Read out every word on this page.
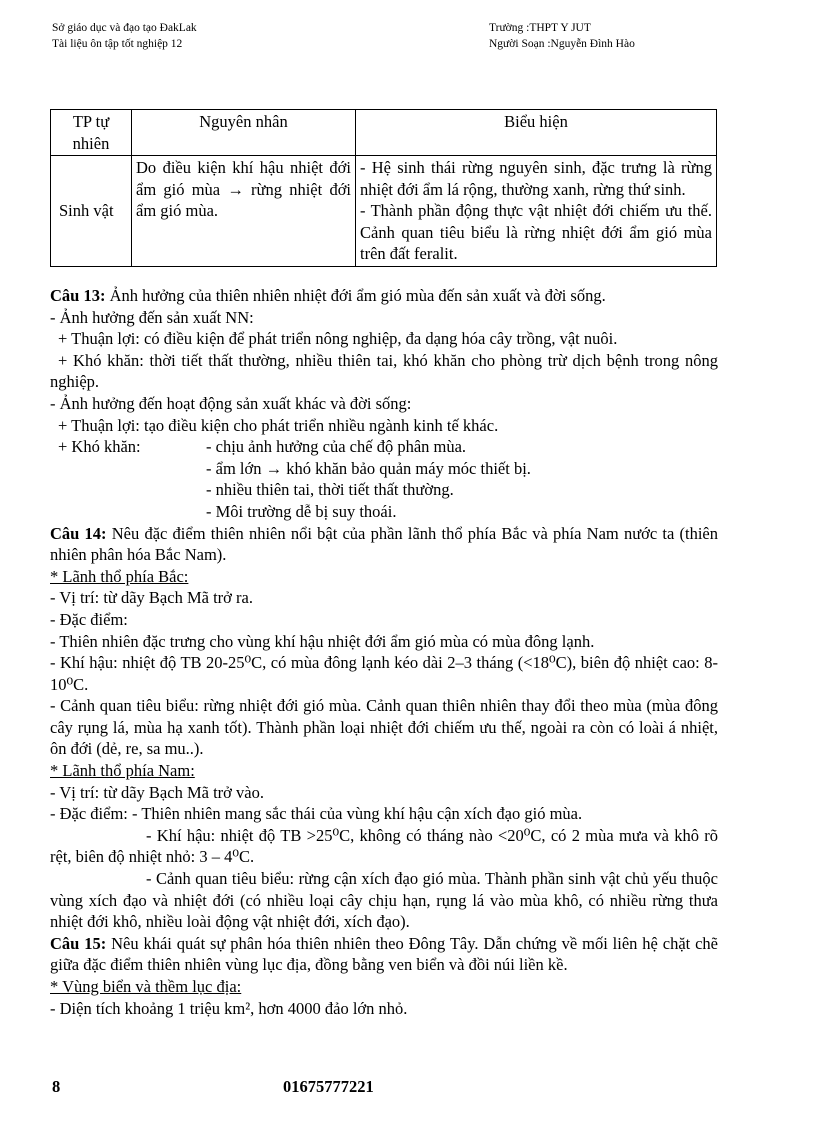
Sở giáo dục và đạo tạo ĐakLak
Tài liệu ôn tập tốt nghiệp 12
Trường :THPT Y JUT
Người Soạn :Nguyễn Đình Hào
TP tự nhiên	Nguyên nhân	Biểu hiện
Sinh vật	Do điều kiện khí hậu nhiệt đới ẩm gió mùa → rừng nhiệt đới ẩm gió mùa.	- Hệ sinh thái rừng nguyên sinh, đặc trưng là rừng nhiệt đới ẩm lá rộng, thường xanh, rừng thứ sinh.
- Thành phần động thực vật nhiệt đới chiếm ưu thế. Cảnh quan tiêu biểu là rừng nhiệt đới ẩm gió mùa trên đất feralit.

Câu 13: Ảnh hưởng của thiên nhiên nhiệt đới ẩm gió mùa đến sản xuất và đời sống.

- Ảnh hưởng đến sản xuất NN:

+ Thuận lợi: có điều kiện để phát triển nông nghiệp, đa dạng hóa cây trồng, vật nuôi.

+ Khó khăn: thời tiết thất thường, nhiều thiên tai, khó khăn cho phòng trừ dịch bệnh trong nông nghiệp.

- Ảnh hưởng đến hoạt động sản xuất khác và đời sống:

+ Thuận lợi: tạo điều kiện cho phát triển nhiều ngành kinh tế khác.

+ Khó khăn:	- chịu ảnh hưởng của chế độ phân mùa.
- ẩm lớn → khó khăn bảo quản máy móc thiết bị.
- nhiều thiên tai, thời tiết thất thường.
- Môi trường dễ bị suy thoái.

Câu 14: Nêu đặc điểm thiên nhiên nổi bật của phần lãnh thổ phía Bắc và phía Nam nước ta (thiên nhiên phân hóa Bắc Nam).

* Lãnh thổ phía Bắc:

- Vị trí: từ dãy Bạch Mã trở ra.

- Đặc điểm:

- Thiên nhiên đặc trưng cho vùng khí hậu nhiệt đới ẩm gió mùa có mùa đông lạnh.

- Khí hậu: nhiệt độ TB 20-25⁰C, có mùa đông lạnh kéo dài 2–3 tháng (<18⁰C), biên độ nhiệt cao: 8-10⁰C.

- Cảnh quan tiêu biểu: rừng nhiệt đới gió mùa. Cảnh quan thiên nhiên thay đổi theo mùa (mùa đông cây rụng lá, mùa hạ xanh tốt). Thành phần loại nhiệt đới chiếm ưu thế, ngoài ra còn có loài á nhiệt, ôn đới (dẻ, re, sa mu..).

* Lãnh thổ phía Nam:

- Vị trí: từ dãy Bạch Mã trở vào.

- Đặc điểm: - Thiên nhiên mang sắc thái của vùng khí hậu cận xích đạo gió mùa.

- Khí hậu: nhiệt độ TB >25⁰C, không có tháng nào <20⁰C, có 2 mùa mưa và khô rõ rệt, biên độ nhiệt nhỏ: 3 – 4⁰C.

- Cảnh quan tiêu biểu: rừng cận xích đạo gió mùa. Thành phần sinh vật chủ yếu thuộc vùng xích đạo và nhiệt đới (có nhiều loại cây chịu hạn, rụng lá vào mùa khô, có nhiều rừng thưa nhiệt đới khô, nhiều loài động vật nhiệt đới, xích đạo).

Câu 15: Nêu khái quát sự phân hóa thiên nhiên theo Đông Tây. Dẫn chứng về mối liên hệ chặt chẽ giữa đặc điểm thiên nhiên vùng lục địa, đồng bằng ven biển và đồi núi liền kề.

* Vùng biển và thềm lục địa:

- Diện tích khoảng 1 triệu km², hơn 4000 đảo lớn nhỏ.

8	01675777221
